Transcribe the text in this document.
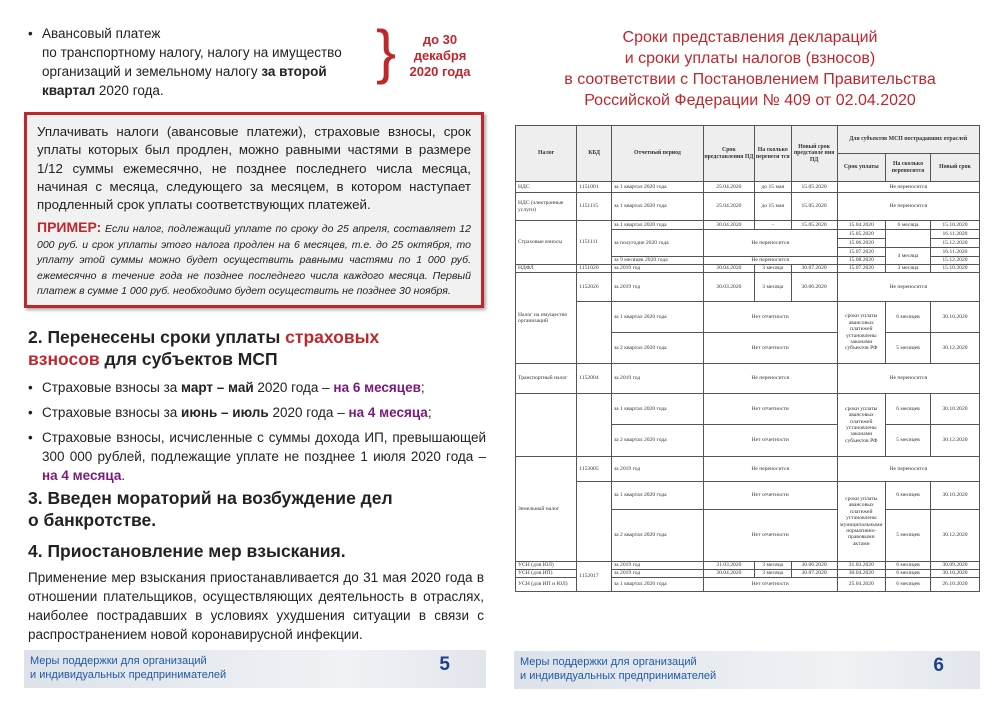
• Авансовый платеж
по транспортному налогу, налогу на имущество
организаций и земельному налогу за второй
квартал 2020 года.
}	до 30 декабря 2020 года

Уплачивать налоги (авансовые платежи), страховые взносы, срок уплаты которых был продлен, можно равными частями в размере 1/12 суммы ежемесячно, не позднее последнего числа месяца, начиная с месяца, следующего за месяцем, в котором наступает продленный срок уплаты соответствующих платежей.

ПРИМЕР: Если налог, подлежащий уплате по сроку до 25 апреля, составляет 12 000 руб. и срок уплаты этого налога продлен на 6 месяцев, т.е. до 25 октября, то уплату этой суммы можно будет осуществить равными частями по 1 000 руб. ежемесячно в течение года не позднее последнего числа каждого месяца. Первый платеж в сумме 1 000 руб. необходимо будет осуществить не позднее 30 ноября.

2. Перенесены сроки уплаты страховых взносов для субъектов МСП
• Страховые взносы за март – май 2020 года – на 6 месяцев;
• Страховые взносы за июнь – июль 2020 года – на 4 месяца;
• Страховые взносы, исчисленные с суммы дохода ИП, превышающей 300 000 рублей, подлежащие уплате не позднее 1 июля 2020 года – на 4 месяца.
3. Введен мораторий на возбуждение дел о банкротстве.
4. Приостановление мер взыскания.

Применение мер взыскания приостанавливается до 31 мая 2020 года в отношении плательщиков, осуществляющих деятельность в отраслях, наиболее пострадавших в условиях ухудшения ситуации в связи с распространением новой коронавирусной инфекции.

Меры поддержки для организаций
и индивидуальных предпринимателей	5
Сроки представления деклараций
и сроки уплаты налогов (взносов)
в соответствии с Постановлением Правительства
Российской Федерации № 409 от 02.04.2020
Налог	КБД	Отчетный период	Срок представления ПД	На сколько перенеси тся	Новый срок представле ния ПД	Для субъектов МСП пострадавших отраслей		
						Срок уплаты	На сколько переносится	Новый срок
НДС	1151001	за 1 квартал 2020 года	25.04.2020	до 15 мая	15.05.2020	Не переносится		
НДС (электронные услуги)	1151115	за 1 квартал 2020 года	25.04.2020	до 15 мая	15.05.2020	Не переносится		
Страховые взносы	1151111	за 1 квартал 2020 года	30.04.2020	-	15.05.2020	15.04.2020	6 месяца	15.10.2020
		за полугодие 2020 года	Не переносится			15.05.2020		16.11.2020
						15.06.2020		15.12.2020
						15.07.2020	4 месяца	16.11.2020
		за 9 месяцев 2020 года	Не переносится			15.08.2020		15.12.2020
НДФЛ	1151020	за 2019 год	30.04.2020	3 месяца	30.07.2020	15.07.2020	3 месяца	15.10.2020
Налог на имущество организаций	1152026	за 2019 год	30.03.2020	3 месяца	30.06.2020	Не переносится		
		за 1 квартал 2020 года	Нет отчетности			сроки уплаты авансовых платежей установлены законами субъектов РФ	6 месяцев	30.10.2020
		за 2 квартал 2020 года	Нет отчетности				5 месяцев	30.12.2020
Транспортный налог	1152004	за 2019 год	Не переносится			Не переносится		
		за 1 квартал 2020 года	Нет отчетности			сроки уплаты авансовых платежей установлены законами субъектов РФ	6 месяцев	30.10.2020
		за 2 квартал 2020 года	Нет отчетности				5 месяцев	30.12.2020
Земельный налог	1153005	за 2019 год	Не переносится			Не переносится		
		за 1 квартал 2020 года	Нет отчетности			сроки уплаты авансовых платежей установлены муниципальными нормативно-правовыми актами	6 месяцев	30.10.2020
		за 2 квартал 2020 года	Нет отчетности				5 месяцев	30.12.2020
УСН (для ЮЛ)	1152017	за 2019 год	31.03.2020	3 месяца	30.06.2020	31.03.2020	6 месяцев	30.09.2020
УСН (для ИП)		за 2019 год	30.04.2020	3 месяца	30.07.2020	30.04.2020	6 месяцев	30.10.2020
УСН (для ИП и ЮЛ)		за 1 квартал 2020 года	Нет отчетности			25.04.2020	6 месяцев	26.10.2020
Меры поддержки для организаций
и индивидуальных предпринимателей	6
